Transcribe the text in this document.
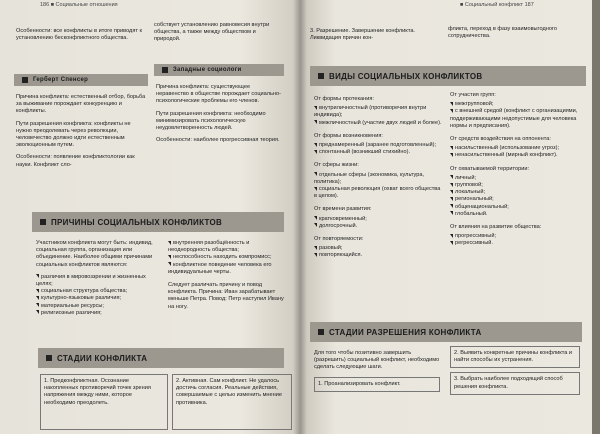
186 ■ Социальные отношения

Особенности: все конфликты в итоге приводят к установлению бесконфликтного общества.

Герберт Спенсер

Причина конфликта: естественный отбор, борьба за выживание порождает конкуренцию и конфликты.

Пути разрешения конфликта: конфликты не нужно преодолевать через революции, человечество должно идти естественным эволюционным путем.

Особенности: появление конфликтологии как науки. Конфликт сло-

собствует установлению равновесия внутри общества, а также между обществом и природой.

Западные социологи

Причина конфликта: существующее неравенство в обществе порождает социально-психологические проблемы его членов.

Пути разрешения конфликта: необходимо минимизировать психологическую неудовлетворенность людей.

Особенности: наиболее прогрессивная теория.

ПРИЧИНЫ СОЦИАЛЬНЫХ КОНФЛИКТОВ

Участником конфликта могут быть: индивид, социальная группа, организация или объединение. Наиболее общими причинами социальных конфликтов являются:

различия в мировоззрении и жизненных целях;
социальная структура общества;
культурно-языковые различия;
материальные ресурсы;
религиозные различия;
внутренняя разобщённость и неоднородность общества;
неспособность находить компромисс;
конфликтное поведение человека его индивидуальные черты.

Следует различать причину и повод конфликта. Причина: Иван зарабатывает меньше Петра. Повод: Петр наступил Ивану на ногу.

СТАДИИ КОНФЛИКТА
1. Предконфликтная. Осознание накопленных противоречий точек зрения напряжения между ними, которое необходимо преодолеть.
2. Активная. Сам конфликт. Не удалось достичь согласия. Реальные действия, совершаемые с целью изменить мнение противника.
■ Социальный конфликт 187

3. Разрешение. Завершение конфликта. Ликвидация причин кон-

фликта, переход в фазу взаимовыгодного сотрудничества.

ВИДЫ СОЦИАЛЬНЫХ КОНФЛИКТОВ

От формы протекания:

внутриличностный (противоречия внутри индивида);
межличностный (участие двух людей и более).

От формы возникновения:

преднамеренный (заранее подготовленный);
спонтанный (возникший стихийно).

От сферы жизни:

отдельные сферы (экономика, культура, политика);
социальная революция (охват всего общества в целом).

От времени развития:

кратковременный;
долгосрочный.

От повторяемости:

разовый;
повторяющийся.

От участия групп:

межгрупповой;
с внешней средой (конфликт с организациями, поддерживающими недопустимые для человека нормы и предписания).

От средств воздействия на оппонента:

насильственный (использование угроз);
ненасильственный (мирный конфликт).

От охватываемой территории:

личный;
групповой;
локальный;
региональный;
общенациональный;
глобальный.

От влияния на развитие общества:

прогрессивный;
регрессивный.
СТАДИИ РАЗРЕШЕНИЯ КОНФЛИКТА

Для того чтобы позитивно завершить (разрешить) социальный конфликт, необходимо сделать следующие шаги.

1. Проанализировать конфликт.
2. Выявить конкретные причины конфликта и найти способы их устранения.
3. Выбрать наиболее подходящий способ решения конфликта.
